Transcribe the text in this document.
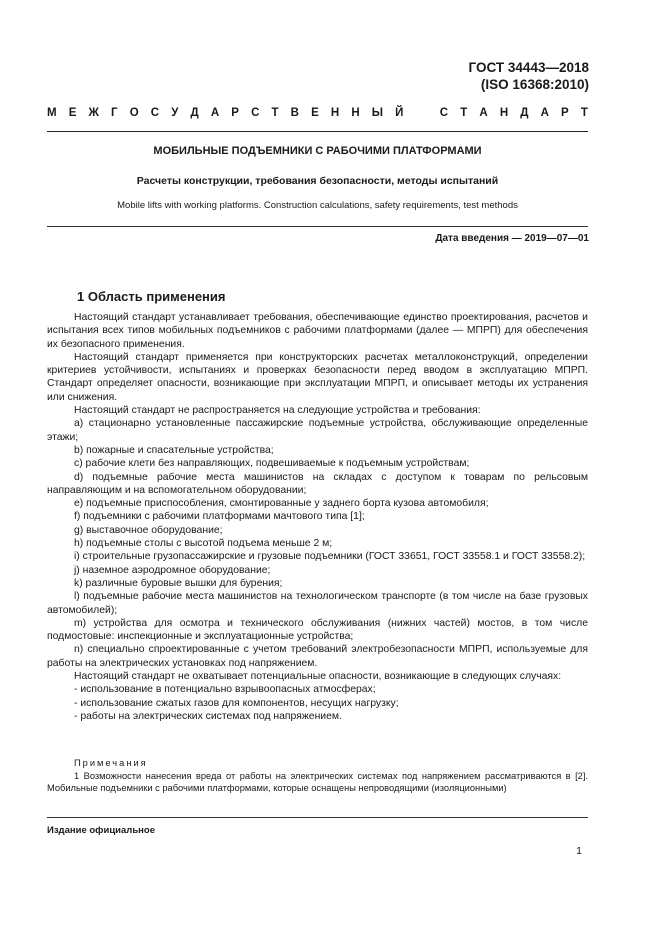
ГОСТ 34443—2018
(ISO 16368:2010)
М Е Ж Г О С У Д А Р С Т В Е Н Н Ы Й	С Т А Н Д А Р Т
МОБИЛЬНЫЕ ПОДЪЕМНИКИ С РАБОЧИМИ ПЛАТФОРМАМИ
Расчеты конструкции, требования безопасности, методы испытаний
Mobile lifts with working platforms. Construction calculations, safety requirements, test methods
Дата введения — 2019—07—01
1 Область применения

Настоящий стандарт устанавливает требования, обеспечивающие единство проектирования, расчетов и испытания всех типов мобильных подъемников с рабочими платформами (далее — МПРП) для обеспечения их безопасного применения.

Настоящий стандарт применяется при конструкторских расчетах металлоконструкций, определении критериев устойчивости, испытаниях и проверках безопасности перед вводом в эксплуатацию МПРП. Стандарт определяет опасности, возникающие при эксплуатации МПРП, и описывает методы их устранения или снижения.

Настоящий стандарт не распространяется на следующие устройства и требования:

a) стационарно установленные пассажирские подъемные устройства, обслуживающие определенные этажи;

b) пожарные и спасательные устройства;

c) рабочие клети без направляющих, подвешиваемые к подъемным устройствам;

d) подъемные рабочие места машинистов на складах с доступом к товарам по рельсовым направляющим и на вспомогательном оборудовании;

e) подъемные приспособления, смонтированные у заднего борта кузова автомобиля;

f) подъемники с рабочими платформами мачтового типа [1];

g) выставочное оборудование;

h) подъемные столы с высотой подъема меньше 2 м;

i) строительные грузопассажирские и грузовые подъемники (ГОСТ 33651, ГОСТ 33558.1 и ГОСТ 33558.2);

j) наземное аэродромное оборудование;

k) различные буровые вышки для бурения;

l) подъемные рабочие места машинистов на технологическом транспорте (в том числе на базе грузовых автомобилей);

m) устройства для осмотра и технического обслуживания (нижних частей) мостов, в том числе подмостовые: инспекционные и эксплуатационные устройства;

n) специально спроектированные с учетом требований электробезопасности МПРП, используемые для работы на электрических установках под напряжением.

Настоящий стандарт не охватывает потенциальные опасности, возникающие в следующих случаях:

- использование в потенциально взрывоопасных атмосферах;

- использование сжатых газов для компонентов, несущих нагрузку;

- работы на электрических системах под напряжением.

Примечания

1 Возможности нанесения вреда от работы на электрических системах под напряжением рассматриваются в [2]. Мобильные подъемники с рабочими платформами, которые оснащены непроводящими (изоляционными)

Издание официальное
1
